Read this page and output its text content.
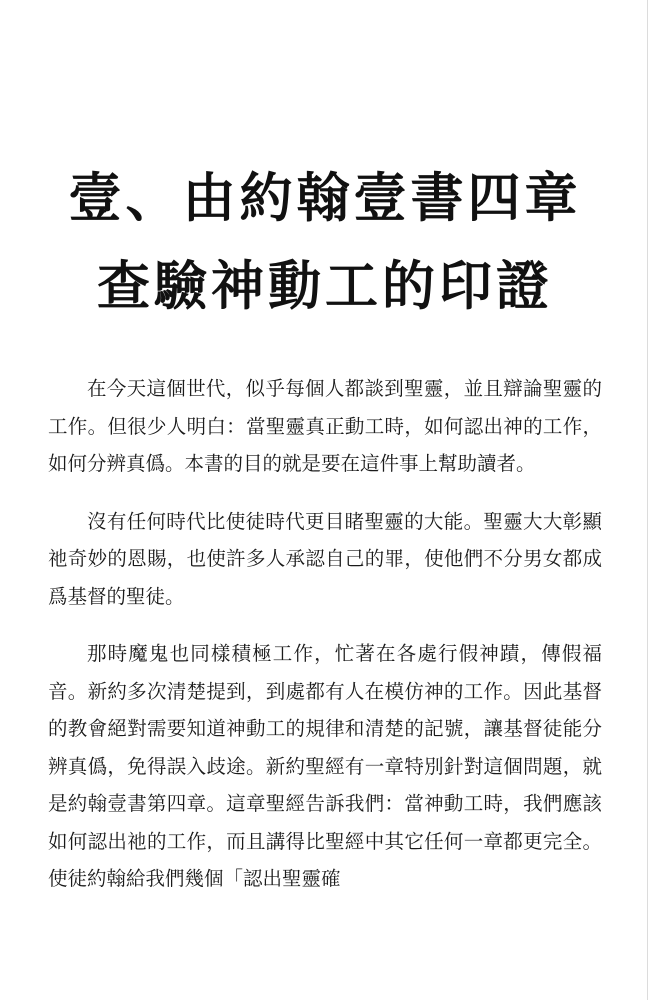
壹、由約翰壹書四章
查驗神動工的印證

在今天這個世代，似乎每個人都談到聖靈，並且辯論聖靈的工作。但很少人明白：當聖靈真正動工時，如何認出神的工作，如何分辨真僞。本書的目的就是要在這件事上幫助讀者。

沒有任何時代比使徒時代更目睹聖靈的大能。聖靈大大彰顯祂奇妙的恩賜，也使許多人承認自己的罪，使他們不分男女都成爲基督的聖徒。

那時魔鬼也同樣積極工作，忙著在各處行假神蹟，傳假福音。新約多次清楚提到，到處都有人在模仿神的工作。因此基督的教會絕對需要知道神動工的規律和清楚的記號，讓基督徒能分辨真僞，免得誤入歧途。新約聖經有一章特別針對這個問題，就是約翰壹書第四章。這章聖經告訴我們：當神動工時，我們應該如何認出祂的工作，而且講得比聖經中其它任何一章都更完全。使徒約翰給我們幾個「認出聖靈確
